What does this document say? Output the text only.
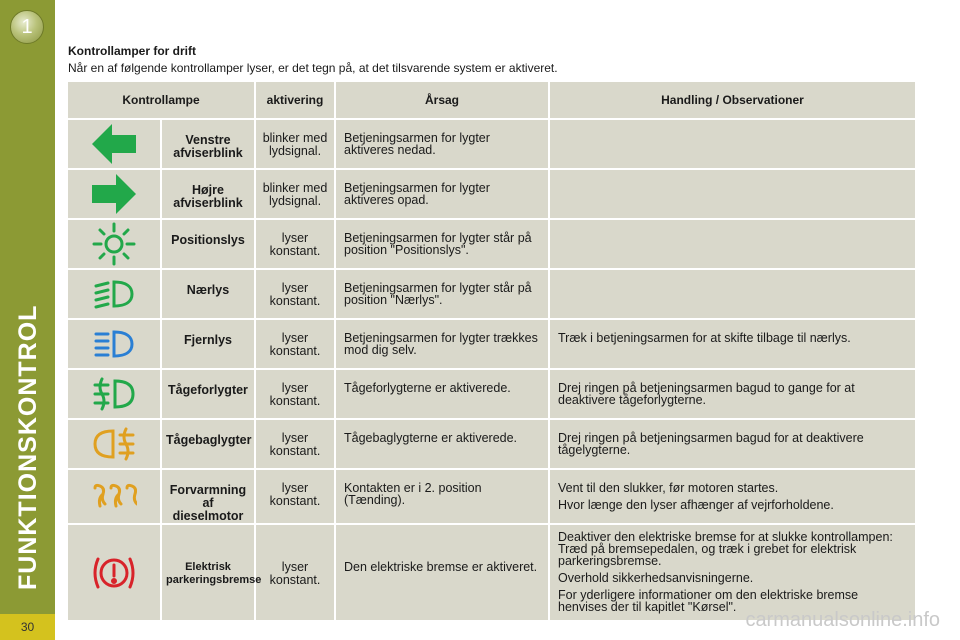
1
FUNKTIONSKONTROL
30
Kontrollamper for drift
Når en af følgende kontrollamper lyser, er det tegn på, at det tilsvarende system er aktiveret.
Kontrollampe		aktivering	Årsag	Handling / Observationer

	Venstre afviserblink	blinker med lydsignal.	Betjeningsarmen for lygter aktiveres nedad.	

	Højre afviserblink	blinker med lydsignal.	Betjeningsarmen for lygter aktiveres opad.	

	Positionslys	lyser konstant.	Betjeningsarmen for lygter står på position "Positionslys".	

	Nærlys	lyser konstant.	Betjeningsarmen for lygter står på position "Nærlys".	

	Fjernlys	lyser konstant.	Betjeningsarmen for lygter trækkes mod dig selv.	Træk i betjeningsarmen for at skifte tilbage til nærlys.

	Tågeforlygter	lyser konstant.	Tågeforlygterne er aktiverede.	Drej ringen på betjeningsarmen bagud to gange for at deaktivere tågeforlygterne.

	Tågebaglygter	lyser konstant.	Tågebaglygterne er aktiverede.	Drej ringen på betjeningsarmen bagud for at deaktivere tågelygterne.

	Forvarmning af dieselmotor	lyser konstant.	Kontakten er i 2. position (Tænding).	Vent til den slukker, før motoren startes.

Hvor længe den lyser afhænger af vejrforholdene.

	Elektrisk parkeringsbremse	lyser konstant.	Den elektriske bremse er aktiveret.	Deaktiver den elektriske bremse for at slukke kontrollampen: Træd på bremsepedalen, og træk i grebet for elektrisk parkeringsbremse.

Overhold sikkerhedsanvisningerne.

For yderligere informationer om den elektriske bremse henvises der til kapitlet "Kørsel".

carmanualsonline.info
